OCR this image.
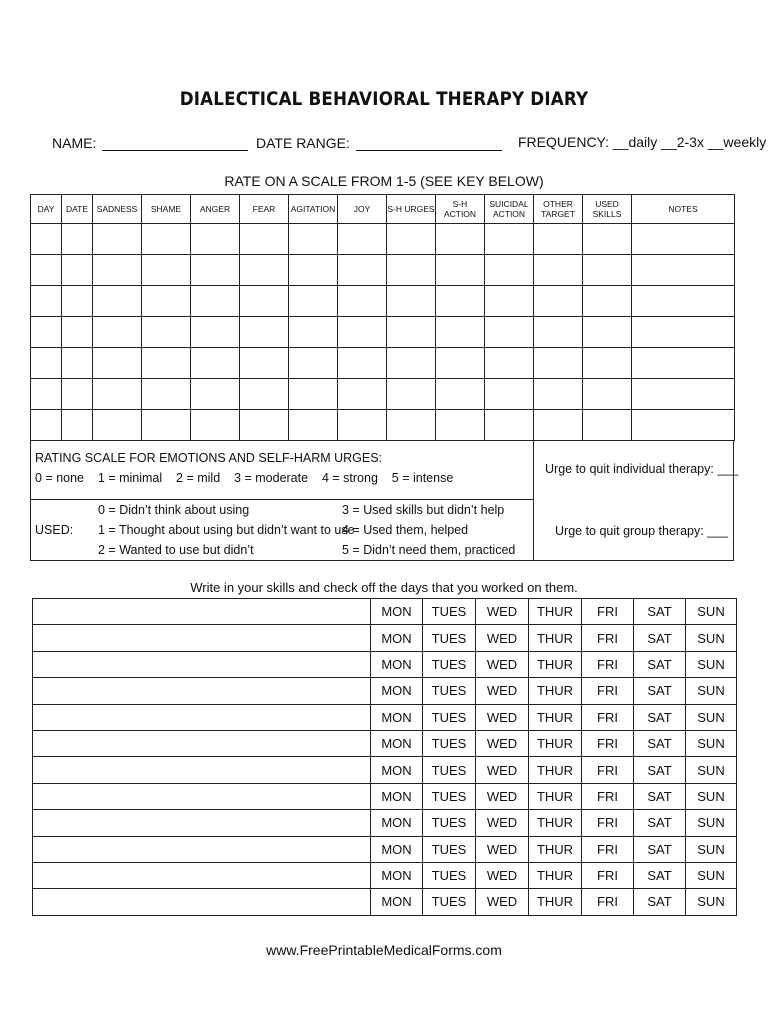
DIALECTICAL BEHAVIORAL THERAPY DIARY
NAME:	DATE RANGE:	FREQUENCY: __daily __2-3x __weekly
RATE ON A SCALE FROM 1-5 (SEE KEY BELOW)
DAY	DATE	SADNESS	SHAME	ANGER	FEAR	AGITATION	JOY	S-H URGES	S-H ACTION	SUICIDAL ACTION	OTHER TARGET	USED SKILLS	NOTES

RATING SCALE FOR EMOTIONS AND SELF-HARM URGES:
0 = none    1 = minimal    2 = mild    3 = moderate    4 = strong    5 = intense
USED:
0 = Didn’t think about using
1 = Thought about using but didn’t want to use
2 = Wanted to use but didn’t
3 = Used skills but didn’t help
4 = Used them, helped
5 = Didn’t need them, practiced
Urge to quit individual therapy: ___
Urge to quit group therapy: ___
Write in your skills and check off the days that you worked on them.
	MON	TUES	WED	THUR	FRI	SAT	SUN
	MON	TUES	WED	THUR	FRI	SAT	SUN
	MON	TUES	WED	THUR	FRI	SAT	SUN
	MON	TUES	WED	THUR	FRI	SAT	SUN
	MON	TUES	WED	THUR	FRI	SAT	SUN
	MON	TUES	WED	THUR	FRI	SAT	SUN
	MON	TUES	WED	THUR	FRI	SAT	SUN
	MON	TUES	WED	THUR	FRI	SAT	SUN
	MON	TUES	WED	THUR	FRI	SAT	SUN
	MON	TUES	WED	THUR	FRI	SAT	SUN
	MON	TUES	WED	THUR	FRI	SAT	SUN
	MON	TUES	WED	THUR	FRI	SAT	SUN
www.FreePrintableMedicalForms.com
